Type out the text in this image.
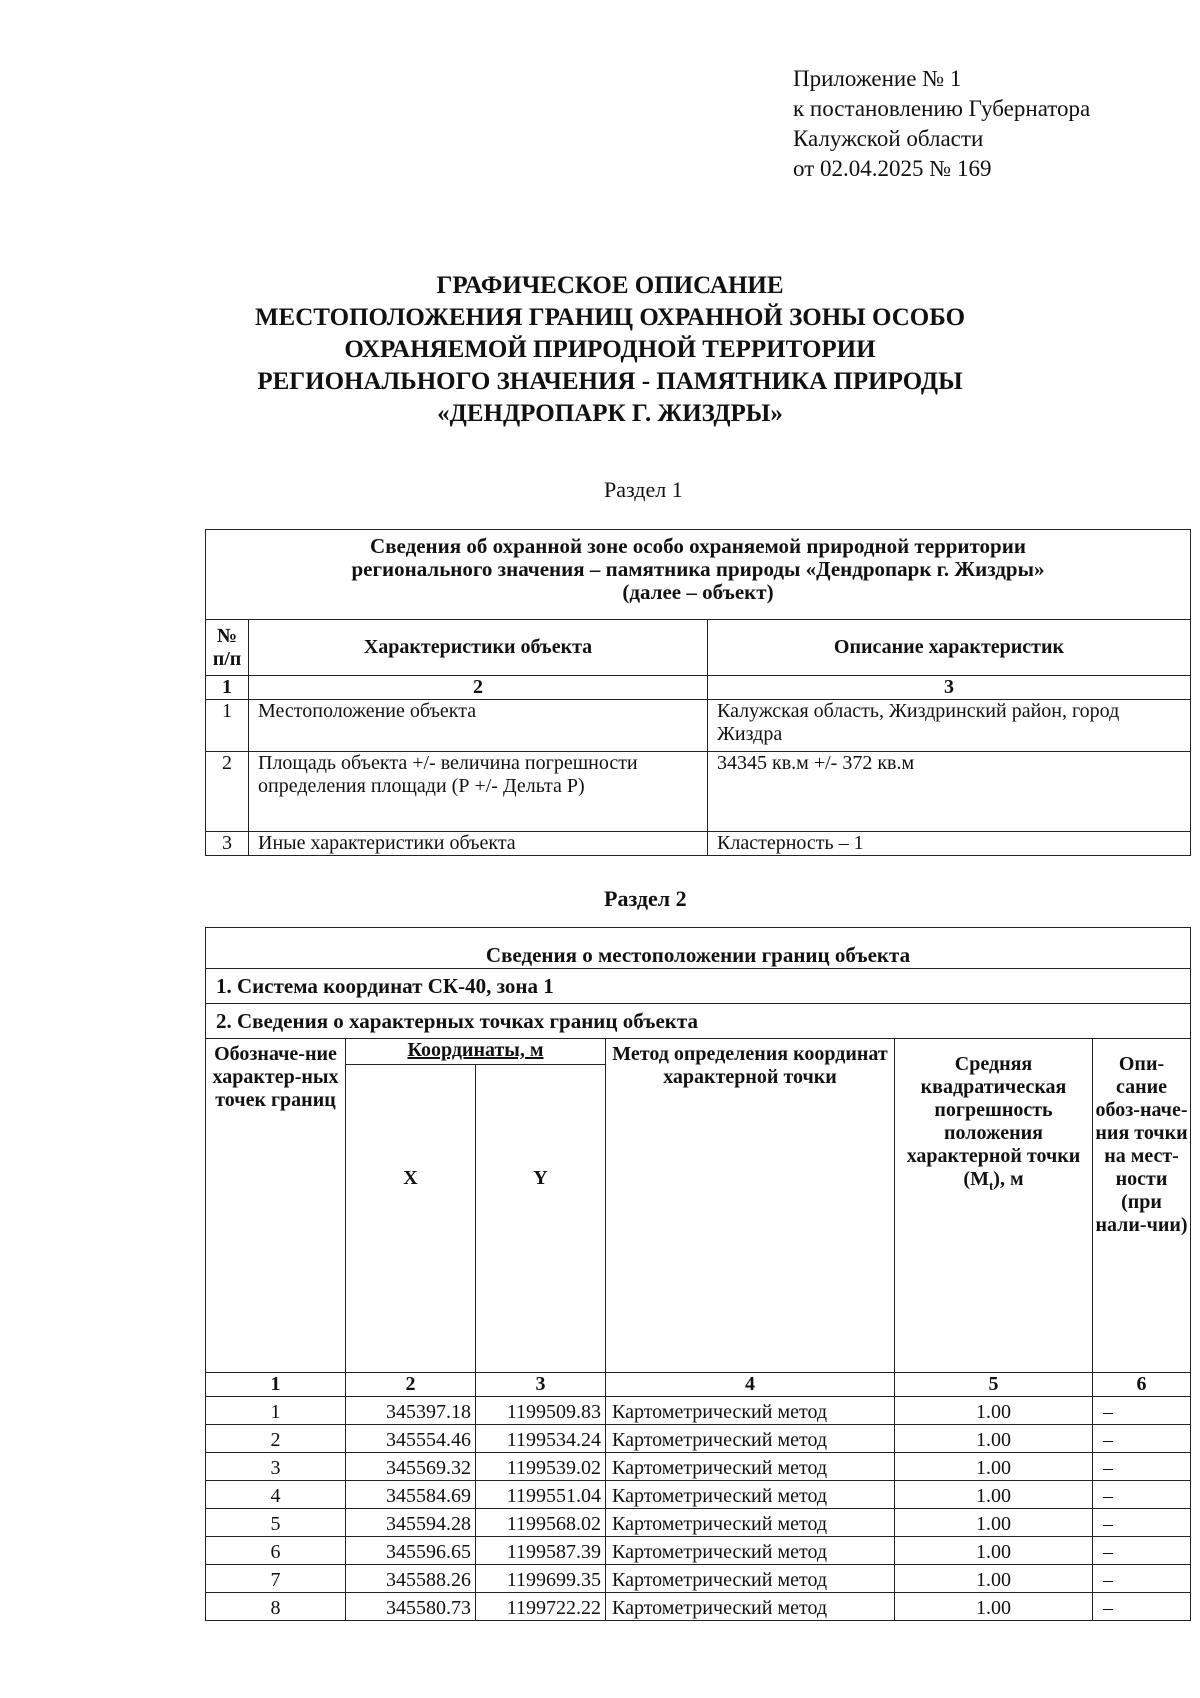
Приложение № 1
к постановлению Губернатора
Калужской области
от 02.04.2025 № 169
ГРАФИЧЕСКОЕ ОПИСАНИЕ
МЕСТОПОЛОЖЕНИЯ ГРАНИЦ ОХРАННОЙ ЗОНЫ ОСОБО
ОХРАНЯЕМОЙ ПРИРОДНОЙ ТЕРРИТОРИИ
РЕГИОНАЛЬНОГО ЗНАЧЕНИЯ - ПАМЯТНИКА ПРИРОДЫ
«ДЕНДРОПАРК Г. ЖИЗДРЫ»
Раздел 1
Сведения об охранной зоне особо охраняемой природной территории
регионального значения – памятника природы «Дендропарк г. Жиздры»
(далее – объект)		

№
п/п	Характеристики объекта	Описание характеристик
1	2	3
1	Местоположение объекта	Калужская область, Жиздринский район, город Жиздра
2	Площадь объекта +/- величина погрешности определения площади (Р +/- Дельта Р)	34345 кв.м +/- 372 кв.м
3	Иные характеристики объекта	Кластерность – 1
Раздел 2
Сведения о местоположении границ объекта					
1. Система координат СК-40, зона 1					
2. Сведения о характерных точках границ объекта					
Обозначе-ние характер-ных точек границ	Координаты, м		Метод определения координат характерной точки	Средняя квадратическая погрешность положения характерной точки $(M_t)$, м	Опи-сание обоз-наче-ния точки на мест-ности (при нали-чии)
	X	Y			
1	2	3	4	5	6
1	345397.18	1199509.83	Картометрический метод	1.00	–
2	345554.46	1199534.24	Картометрический метод	1.00	–
3	345569.32	1199539.02	Картометрический метод	1.00	–
4	345584.69	1199551.04	Картометрический метод	1.00	–
5	345594.28	1199568.02	Картометрический метод	1.00	–
6	345596.65	1199587.39	Картометрический метод	1.00	–
7	345588.26	1199699.35	Картометрический метод	1.00	–
8	345580.73	1199722.22	Картометрический метод	1.00	–
